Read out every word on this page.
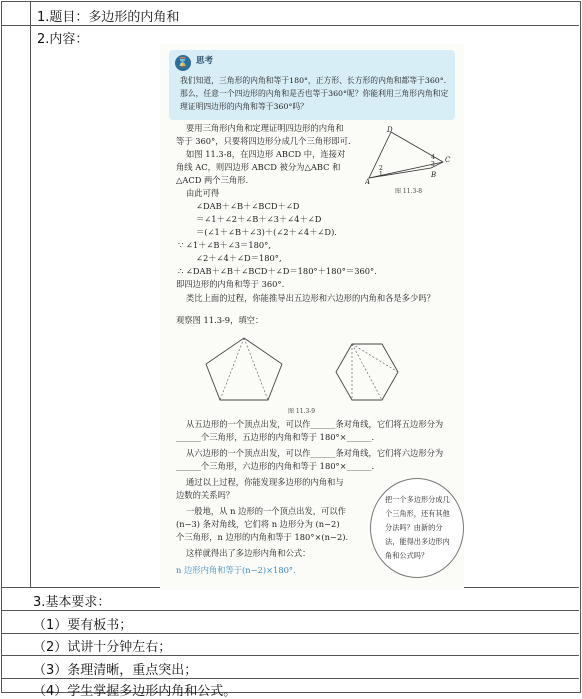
1.题目：多边形的内角和
2.内容：
⌛ 思考
我们知道，三角形的内角和等于180°，正方形、长方形的内角和都等于360°. 那么，任意一个四边形的内角和是否也等于360°呢？你能利用三角形内角和定理证明四边形的内角和等于360°吗？
要用三角形内角和定理证明四边形的内角和
等于 360°，只要将四边形分成几个三角形即可.
如图 11.3-8，在四边形 ABCD 中，连接对
角线 AC，则四边形 ABCD 被分为△ABC 和
△ACD 两个三角形.
由此可得
D
C
A
B
1
2
3
4
图 11.3-8
∠DAB＋∠B＋∠BCD＋∠D
＝∠1＋∠2＋∠B＋∠3＋∠4＋∠D
＝(∠1＋∠B＋∠3)＋(∠2＋∠4＋∠D).
∵ ∠1＋∠B＋∠3＝180°,
∠2＋∠4＋∠D＝180°,
∴ ∠DAB＋∠B＋∠BCD＋∠D＝180°＋180°＝360°.
即四边形的内角和等于 360°.
类比上面的过程，你能推导出五边形和六边形的内角和各是多少吗？
观察图 11.3-9，填空：
图 11.3-9
从五边形的一个顶点出发，可以作______条对角线，它们将五边形分为
______个三角形，五边形的内角和等于 180°×______.
从六边形的一个顶点出发，可以作______条对角线，它们将六边形分为
______个三角形，六边形的内角和等于 180°×______.
通过以上过程，你能发现多边形的内角和与
边数的关系吗？
一般地，从 n 边形的一个顶点出发，可以作
(n−3) 条对角线，它们将 n 边形分为 (n−2)
个三角形，n 边形的内角和等于 180°×(n−2).
这样就得出了多边形内角和公式：
n 边形内角和等于(n−2)×180°.
把一个多边形分成几个三角形，还有其他分法吗？由新的分法，能得出多边形内角和公式吗？
3.基本要求：
（1）要有板书；
（2）试讲十分钟左右；
（3）条理清晰，重点突出；
（4）学生掌握多边形内角和公式。
